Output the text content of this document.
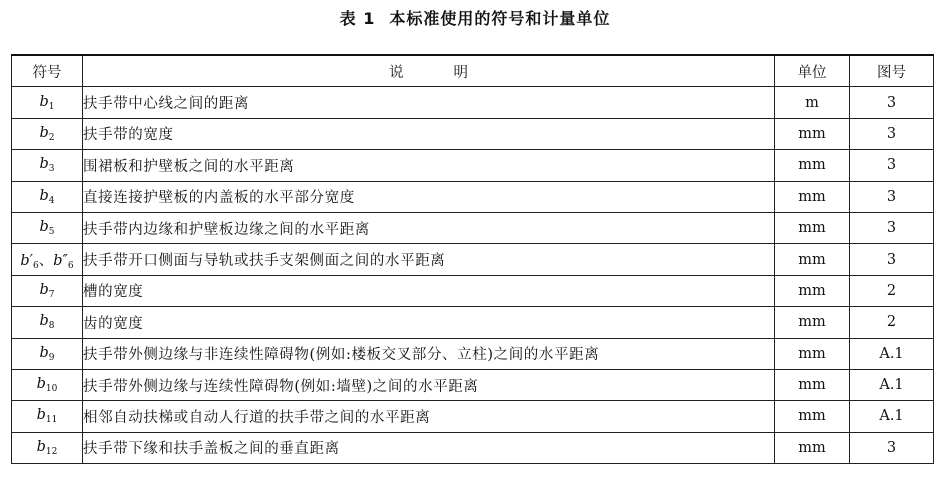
表 1 本标准使用的符号和计量单位
符号	说 明	单位	图号
$b_1$	扶手带中心线之间的距离	m	3
$b_2$	扶手带的宽度	mm	3
$b_3$	围裙板和护壁板之间的水平距离	mm	3
$b_4$	直接连接护壁板的内盖板的水平部分宽度	mm	3
$b_5$	扶手带内边缘和护壁板边缘之间的水平距离	mm	3
$b'_6$、$b''_6$	扶手带开口侧面与导轨或扶手支架侧面之间的水平距离	mm	3
$b_7$	槽的宽度	mm	2
$b_8$	齿的宽度	mm	2
$b_9$	扶手带外侧边缘与非连续性障碍物(例如:楼板交叉部分、立柱)之间的水平距离	mm	A.1
$b_{10}$	扶手带外侧边缘与连续性障碍物(例如:墙壁)之间的水平距离	mm	A.1
$b_{11}$	相邻自动扶梯或自动人行道的扶手带之间的水平距离	mm	A.1
$b_{12}$	扶手带下缘和扶手盖板之间的垂直距离	mm	3
